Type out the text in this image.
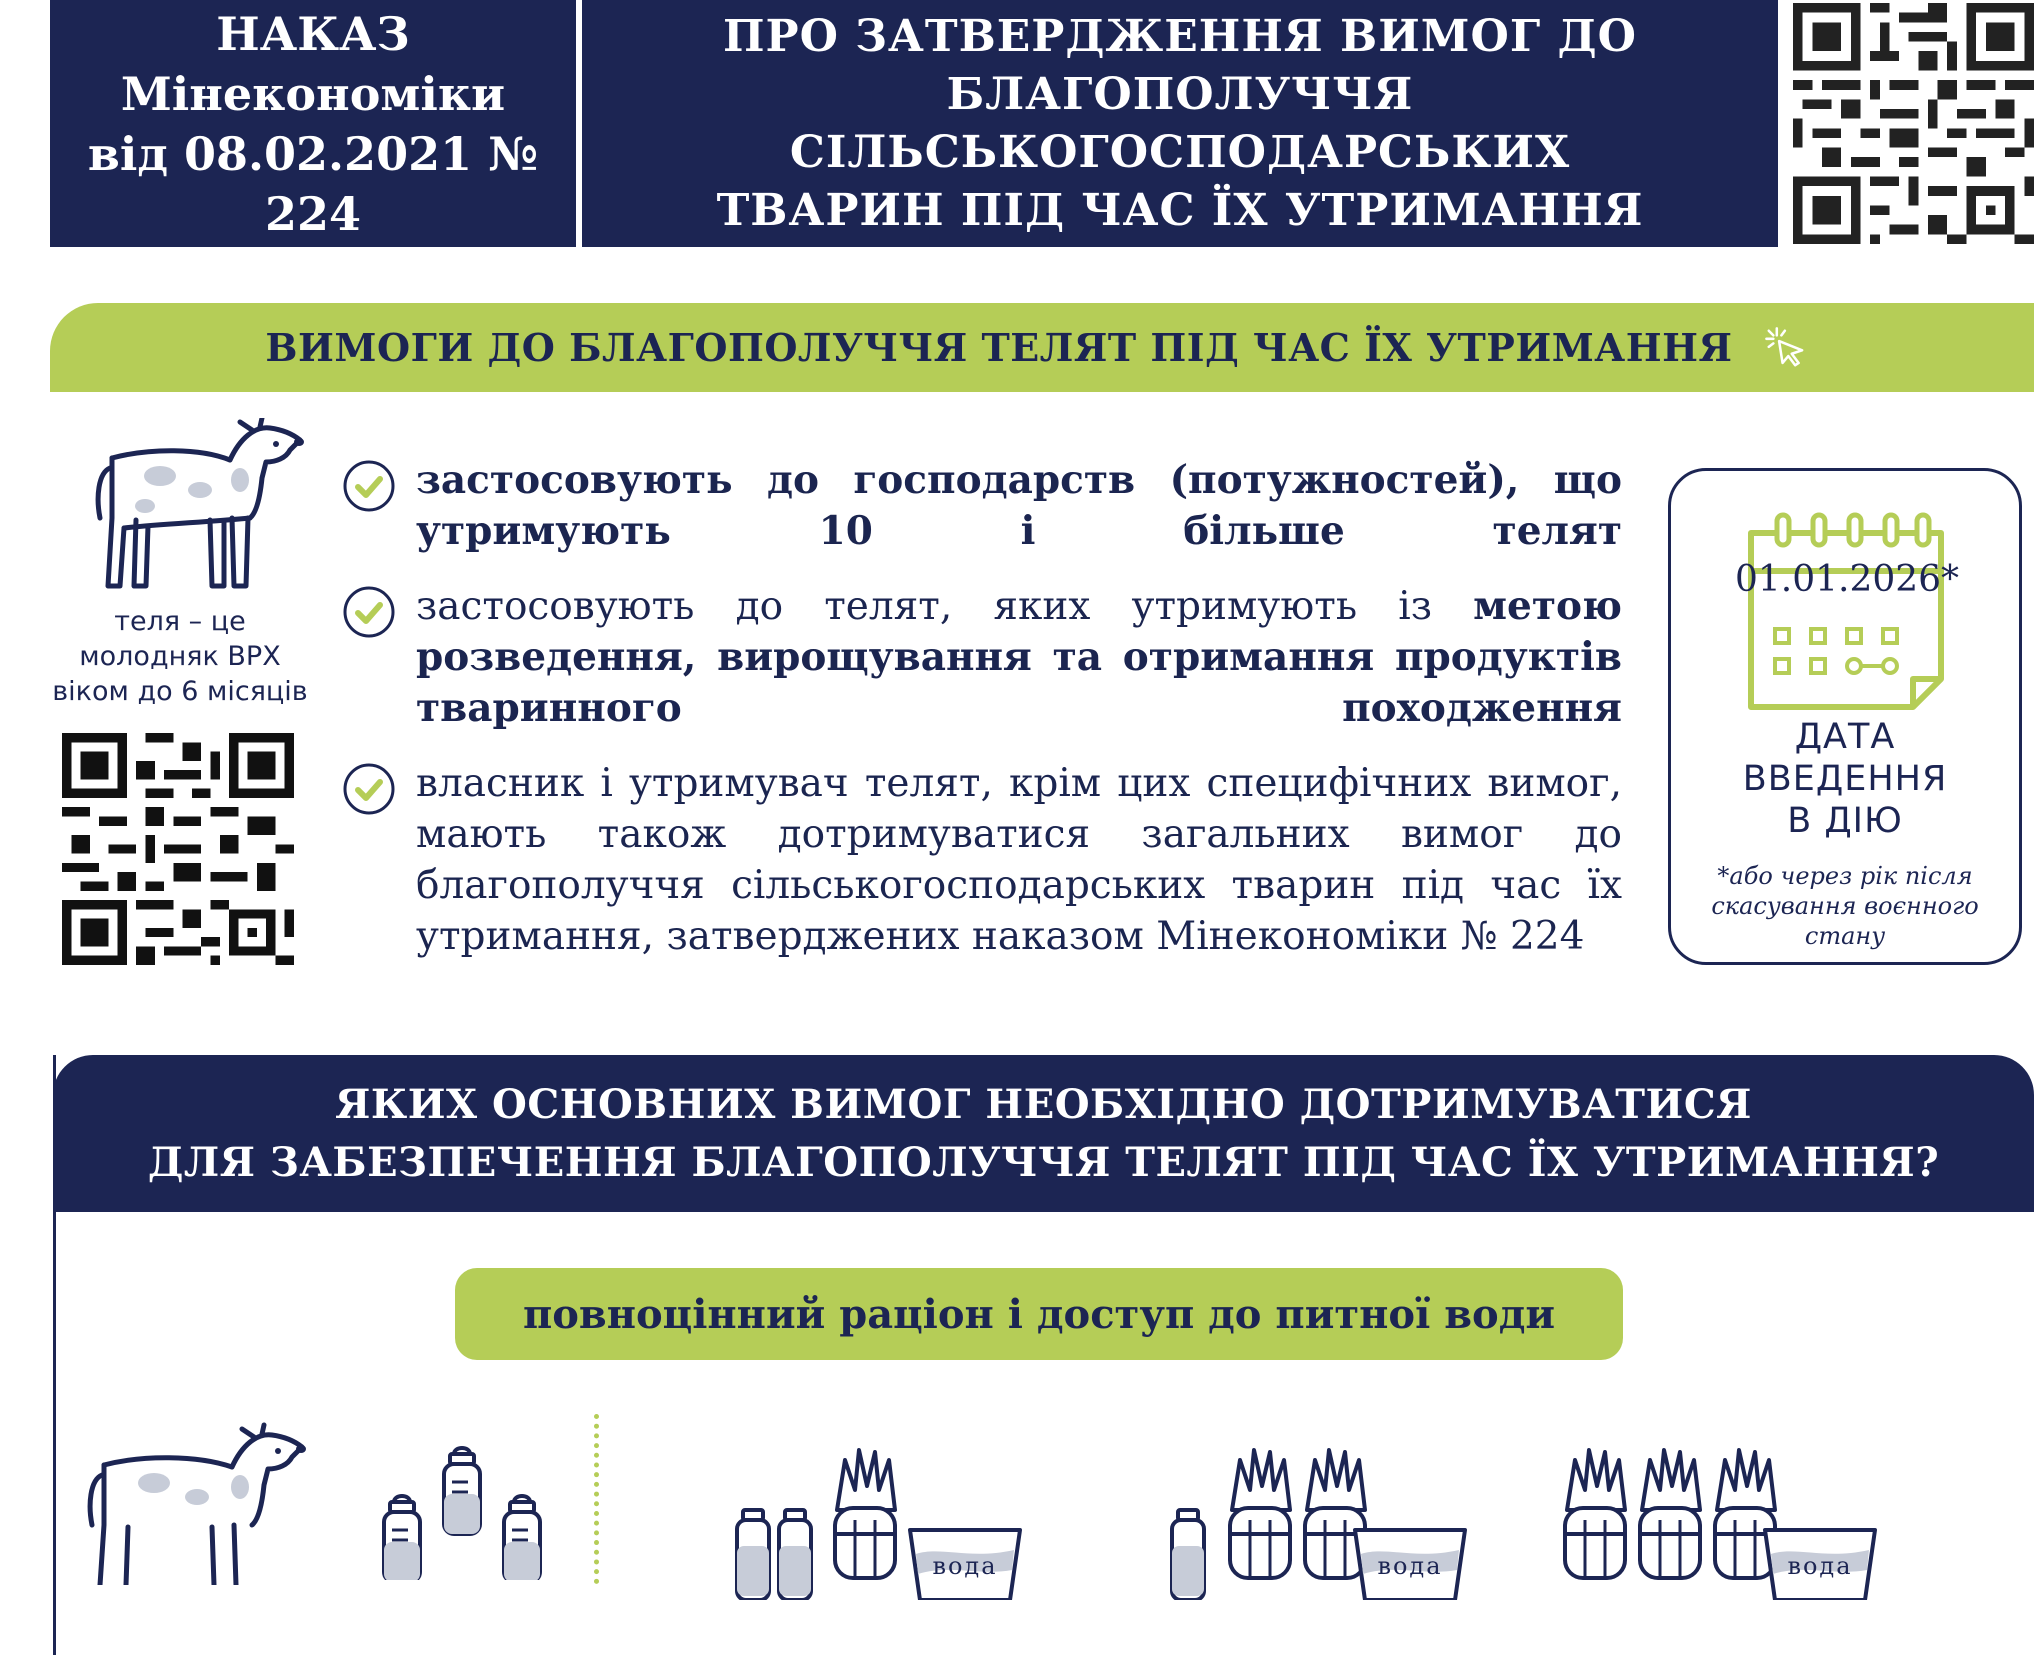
НАКАЗ
Мінекономіки
від 08.02.2021 № 224
ПРО ЗАТВЕРДЖЕННЯ ВИМОГ ДО
БЛАГОПОЛУЧЧЯ СІЛЬСЬКОГОСПОДАРСЬКИХ
ТВАРИН ПІД ЧАС ЇХ УТРИМАННЯ
ВИМОГИ ДО БЛАГОПОЛУЧЧЯ ТЕЛЯТ ПІД ЧАС ЇХ УТРИМАННЯ
теля – це
молодняк ВРХ
віком до 6 місяців
застосовують до господарств (потужностей), що утримують 10 і більше телят
застосовують до телят, яких утримують із метою розведення, вирощування та отримання продуктів тваринного походження
власник і утримувач телят, крім цих специфічних вимог, мають також дотримуватися загальних вимог до благополуччя сільськогосподарських тварин під час їх утримання, затверджених наказом Мінекономіки № 224
01.01.2026*
ДАТА
ВВЕДЕННЯ
В ДІЮ
*або через рік після
скасування воєнного стану
ЯКИХ ОСНОВНИХ ВИМОГ НЕОБХІДНО ДОТРИМУВАТИСЯ
ДЛЯ ЗАБЕЗПЕЧЕННЯ БЛАГОПОЛУЧЧЯ ТЕЛЯТ ПІД ЧАС ЇХ УТРИМАННЯ?
повноцінний раціон і доступ до питної води
вода	вода	вода
